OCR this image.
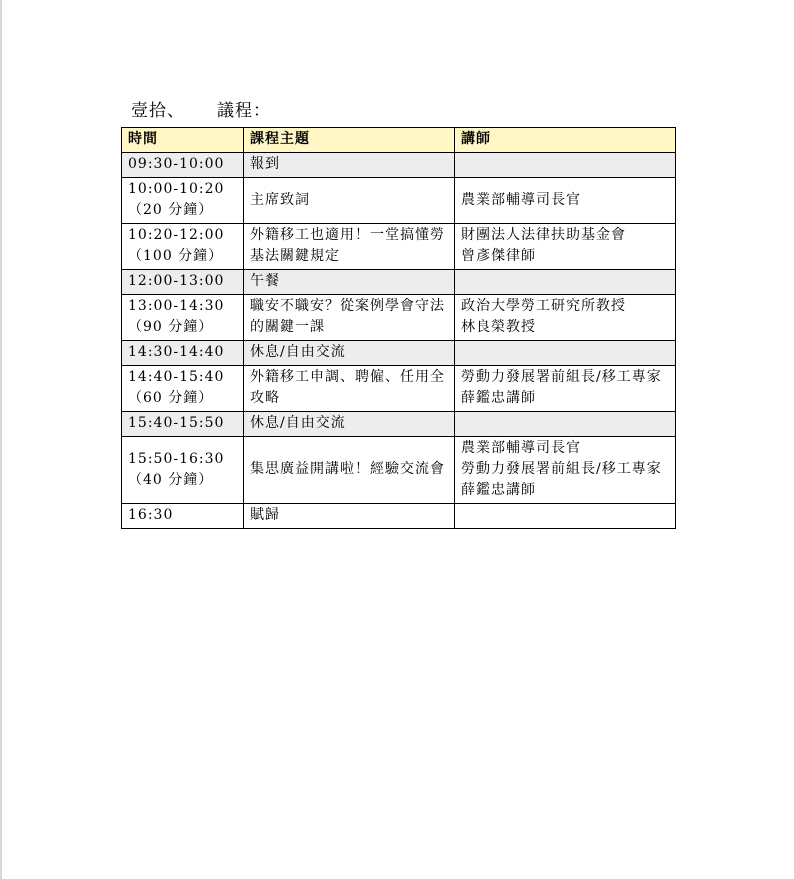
壹拾、 議程：
時間	課程主題	講師

09:30-10:00	報到	

10:00-10:20
（20 分鐘）	主席致詞	農業部輔導司長官

10:20-12:00
（100 分鐘）	外籍移工也適用！一堂搞懂勞基法關鍵規定	財團法人法律扶助基金會
曾彥傑律師

12:00-13:00	午餐	

13:00-14:30
（90 分鐘）	職安不職安？從案例學會守法的關鍵一課	政治大學勞工研究所教授
林良榮教授

14:30-14:40	休息/自由交流	

14:40-15:40
（60 分鐘）	外籍移工申調、聘僱、任用全攻略	勞動力發展署前組長/移工專家
薛鑑忠講師

15:40-15:50	休息/自由交流	

15:50-16:30
（40 分鐘）	集思廣益開講啦！經驗交流會	農業部輔導司長官
勞動力發展署前組長/移工專家薛鑑忠講師

16:30	賦歸	
